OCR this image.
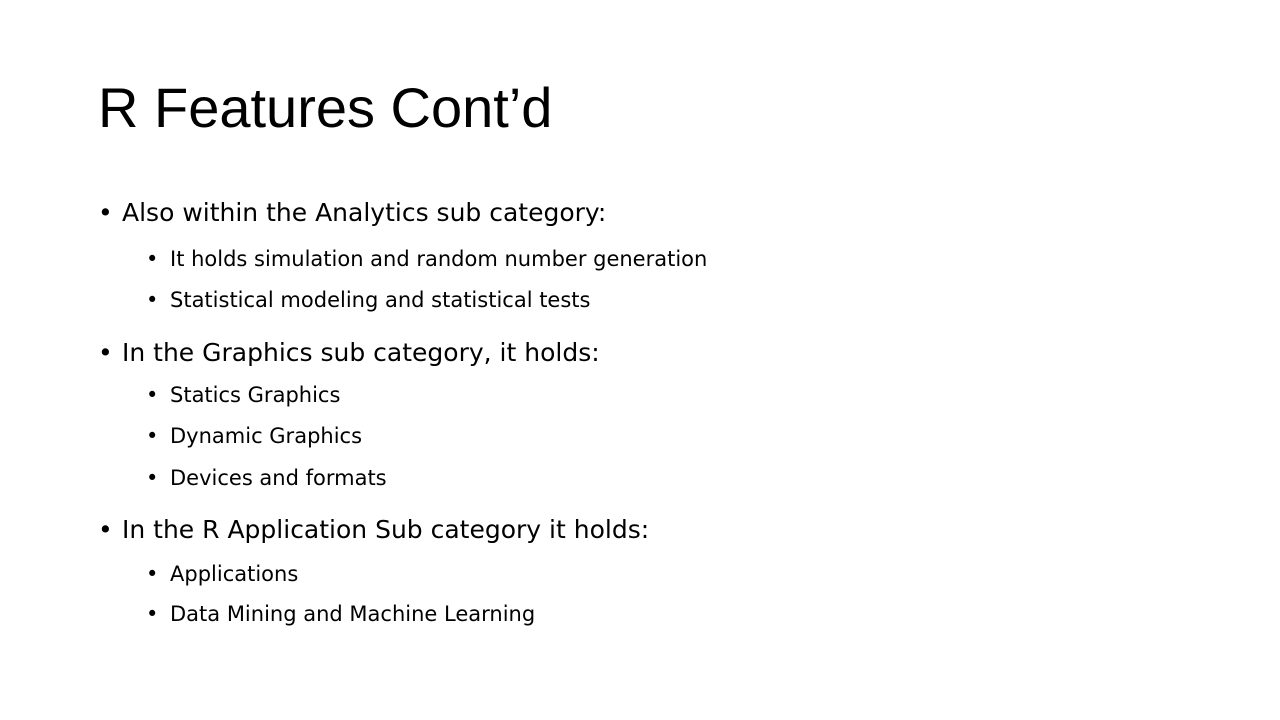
R Features Cont’d
• Also within the Analytics sub category:
• It holds simulation and random number generation
• Statistical modeling and statistical tests
• In the Graphics sub category, it holds:
• Statics Graphics
• Dynamic Graphics
• Devices and formats
• In the R Application Sub category it holds:
• Applications
• Data Mining and Machine Learning
